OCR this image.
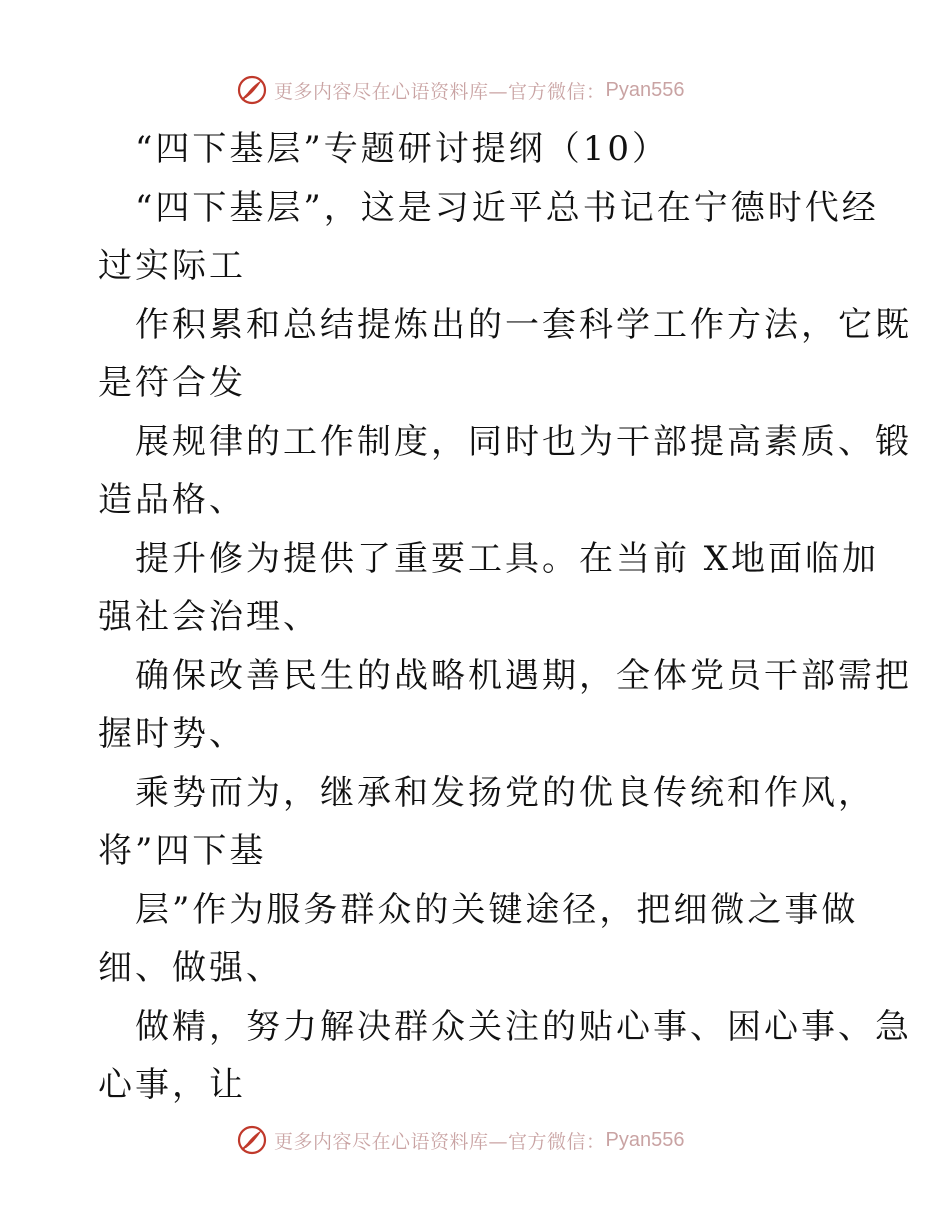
更多内容尽在心语资料库—官方微信： Pyan556
“四下基层”专题研讨提纲（10）
“四下基层”，这是习近平总书记在宁德时代经
过实际工
作积累和总结提炼出的一套科学工作方法，它既
是符合发
展规律的工作制度，同时也为干部提高素质、锻
造品格、
提升修为提供了重要工具。在当前 X地面临加
强社会治理、
确保改善民生的战略机遇期，全体党员干部需把
握时势、
乘势而为，继承和发扬党的优良传统和作风，
将”四下基
层”作为服务群众的关键途径，把细微之事做
细、做强、
做精，努力解决群众关注的贴心事、困心事、急
心事，让
更多内容尽在心语资料库—官方微信： Pyan556
